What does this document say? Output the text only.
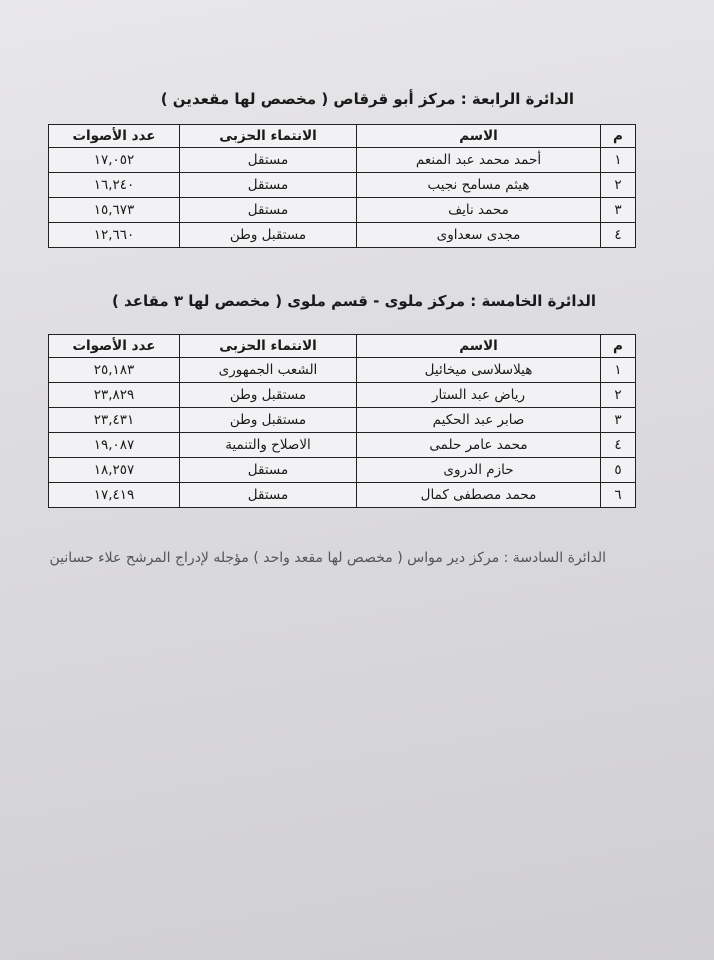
الدائرة الرابعة : مركز أبو قرقاص ( مخصص لها مقعدين )
م	الاسم	الانتماء الحزبى	عدد الأصوات
١	أحمد محمد عبد المنعم	مستقل	١٧,٠٥٢
٢	هيثم مسامح نجيب	مستقل	١٦,٢٤٠
٣	محمد نايف	مستقل	١٥,٦٧٣
٤	مجدى سعداوى	مستقبل وطن	١٢,٦٦٠
الدائرة الخامسة : مركز ملوى - قسم ملوى ( مخصص لها ٣ مقاعد )
م	الاسم	الانتماء الحزبى	عدد الأصوات
١	هيلاسلاسى ميخائيل	الشعب الجمهورى	٢٥,١٨٣
٢	رياض عبد الستار	مستقبل وطن	٢٣,٨٢٩
٣	صابر عبد الحكيم	مستقبل وطن	٢٣,٤٣١
٤	محمد عامر حلمى	الاصلاح والتنمية	١٩,٠٨٧
٥	حازم الدروى	مستقل	١٨,٢٥٧
٦	محمد مصطفى كمال	مستقل	١٧,٤١٩
الدائرة السادسة : مركز دير مواس ( مخصص لها مقعد واحد ) مؤجله لإدراج المرشح علاء حسانين
